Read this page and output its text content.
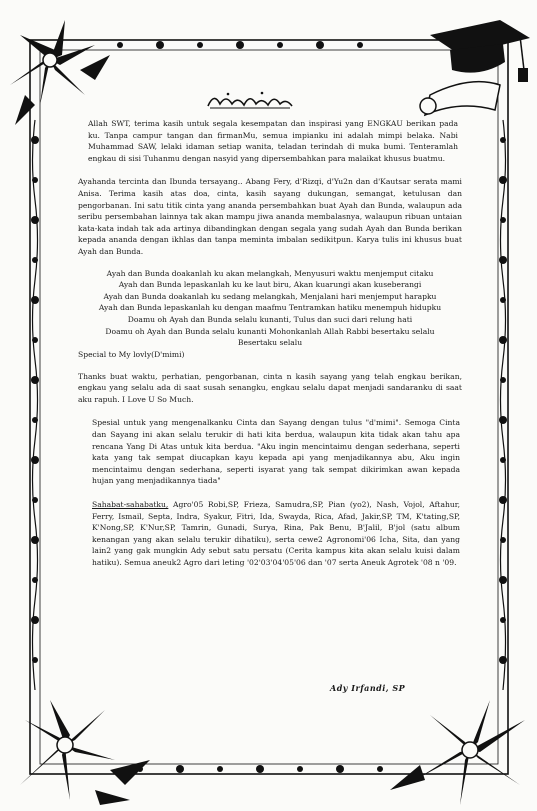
Allah SWT, terima kasih untuk segala kesempatan dan inspirasi yang ENGKAU berikan pada ku. Tanpa campur tangan dan firmanMu, semua impianku ini adalah mimpi belaka. Nabi Muhammad SAW, lelaki idaman setiap wanita, teladan terindah di muka bumi. Tenteramlah engkau di sisi Tuhanmu dengan nasyid yang dipersembahkan para malaikat khusus buatmu.

Ayahanda tercinta dan Ibunda tersayang.. Abang Fery, d'Rizqi, d'Yu2n dan d'Kautsar serata mami Anisa. Terima kasih atas doa, cinta, kasih sayang dukungan, semangat, ketulusan dan pengorbanan. Ini satu titik cinta yang ananda persembahkan buat Ayah dan Bunda, walaupun ada seribu persembahan lainnya tak akan mampu jiwa ananda membalasnya, walaupun ribuan untaian kata-kata indah tak ada artinya dibandingkan dengan segala yang sudah Ayah dan Bunda berikan kepada ananda dengan ikhlas dan tanpa meminta imbalan sedikitpun. Karya tulis ini khusus buat Ayah dan Bunda.

Ayah dan Bunda doakanlah ku akan melangkah, Menyusuri waktu menjemput citaku
Ayah dan Bunda lepaskanlah ku ke laut biru, Akan kuarungi akan kuseberangi
Ayah dan Bunda doakanlah ku sedang melangkah, Menjalani hari menjemput harapku
Ayah dan Bunda lepaskanlah ku dengan maafmu Tentramkan hatiku menempuh hidupku
Doamu oh Ayah dan Bunda selalu kunanti, Tulus dan suci dari relung hati
Doamu oh Ayah dan Bunda selalu kunanti Mohonkanlah Allah Rabbi besertaku selalu
Besertaku selalu
Special to My lovly(D'mimi)

Thanks buat waktu, perhatian, pengorbanan, cinta n kasih sayang yang telah engkau berikan, engkau yang selalu ada di saat susah senangku, engkau selalu dapat menjadi sandaranku di saat aku rapuh. I Love U So Much.

Spesial untuk yang mengenalkanku Cinta dan Sayang dengan tulus "d'mimi". Semoga Cinta dan Sayang ini akan selalu terukir di hati kita berdua, walaupun kita tidak akan tahu apa rencana Yang Di Atas untuk kita berdua. "Aku ingin mencintaimu dengan sederhana, seperti kata yang tak sempat diucapkan kayu kepada api yang menjadikannya abu, Aku ingin mencintaimu dengan sederhana, seperti isyarat yang tak sempat dikirimkan awan kepada hujan yang menjadikannya tiada"

Sahabat-sahabatku, Agro'05 Robi,SP, Frieza, Samudra,SP, Pian (yo2), Nash, Vojol, Aftahur, Ferry, Ismail, Septa, Indra, Syakur, Fitri, Ida, Swayda, Rica, Afad, Jakir,SP, TM, K'tating,SP, K'Nong,SP, K'Nur,SP, Tamrin, Gunadi, Surya, Rina, Pak Benu, B'Jalil, B'jol (satu album kenangan yang akan selalu terukir dihatiku), serta cewe2 Agronomi'06 Icha, Sita, dan yang lain2 yang gak mungkin Ady sebut satu persatu (Cerita kampus kita akan selalu kuisi dalam hatiku). Semua aneuk2 Agro dari leting '02'03'04'05'06 dan '07 serta Aneuk Agrotek '08 n '09.

Ady Irfandi, SP
